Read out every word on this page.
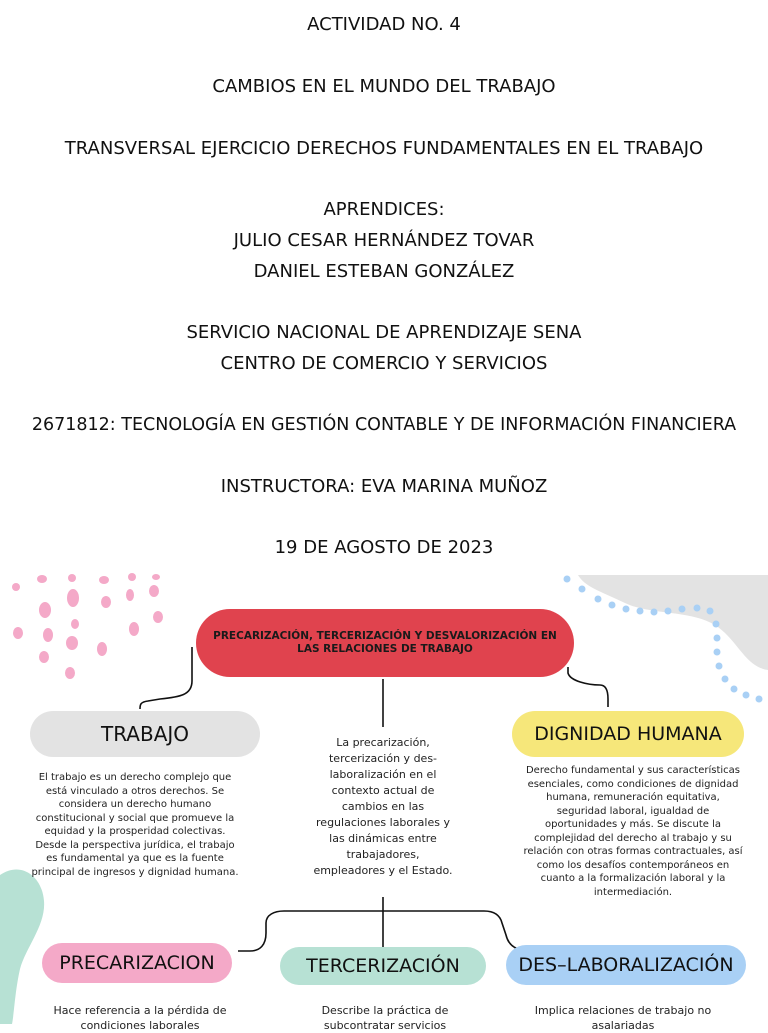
ACTIVIDAD NO. 4
CAMBIOS EN EL MUNDO DEL TRABAJO
TRANSVERSAL EJERCICIO DERECHOS FUNDAMENTALES EN EL TRABAJO
APRENDICES:
JULIO CESAR HERNÁNDEZ TOVAR
DANIEL ESTEBAN GONZÁLEZ
SERVICIO NACIONAL DE APRENDIZAJE SENA
CENTRO DE COMERCIO Y SERVICIOS
2671812: TECNOLOGÍA EN GESTIÓN CONTABLE Y DE INFORMACIÓN FINANCIERA
INSTRUCTORA: EVA MARINA MUÑOZ
19 DE AGOSTO DE 2023
PRECARIZACIÓN, TERCERIZACIÓN Y DESVALORIZACIÓN EN LAS RELACIONES DE TRABAJO
TRABAJO
El trabajo es un derecho complejo que está vinculado a otros derechos. Se considera un derecho humano constitucional y social que promueve la equidad y la prosperidad colectivas. Desde la perspectiva jurídica, el trabajo es fundamental ya que es la fuente principal de ingresos y dignidad humana.
La precarización, tercerización y des-laboralización en el contexto actual de cambios en las regulaciones laborales y las dinámicas entre trabajadores, empleadores y el Estado.
DIGNIDAD HUMANA
Derecho fundamental y sus características esenciales, como condiciones de dignidad humana, remuneración equitativa, seguridad laboral, igualdad de oportunidades y más. Se discute la complejidad del derecho al trabajo y su relación con otras formas contractuales, así como los desafíos contemporáneos en cuanto a la formalización laboral y la intermediación.
PRECARIZACION
Hace referencia a la pérdida de condiciones laborales
TERCERIZACIÓN
Describe la práctica de subcontratar servicios
DES–LABORALIZACIÓN
Implica relaciones de trabajo no asalariadas
